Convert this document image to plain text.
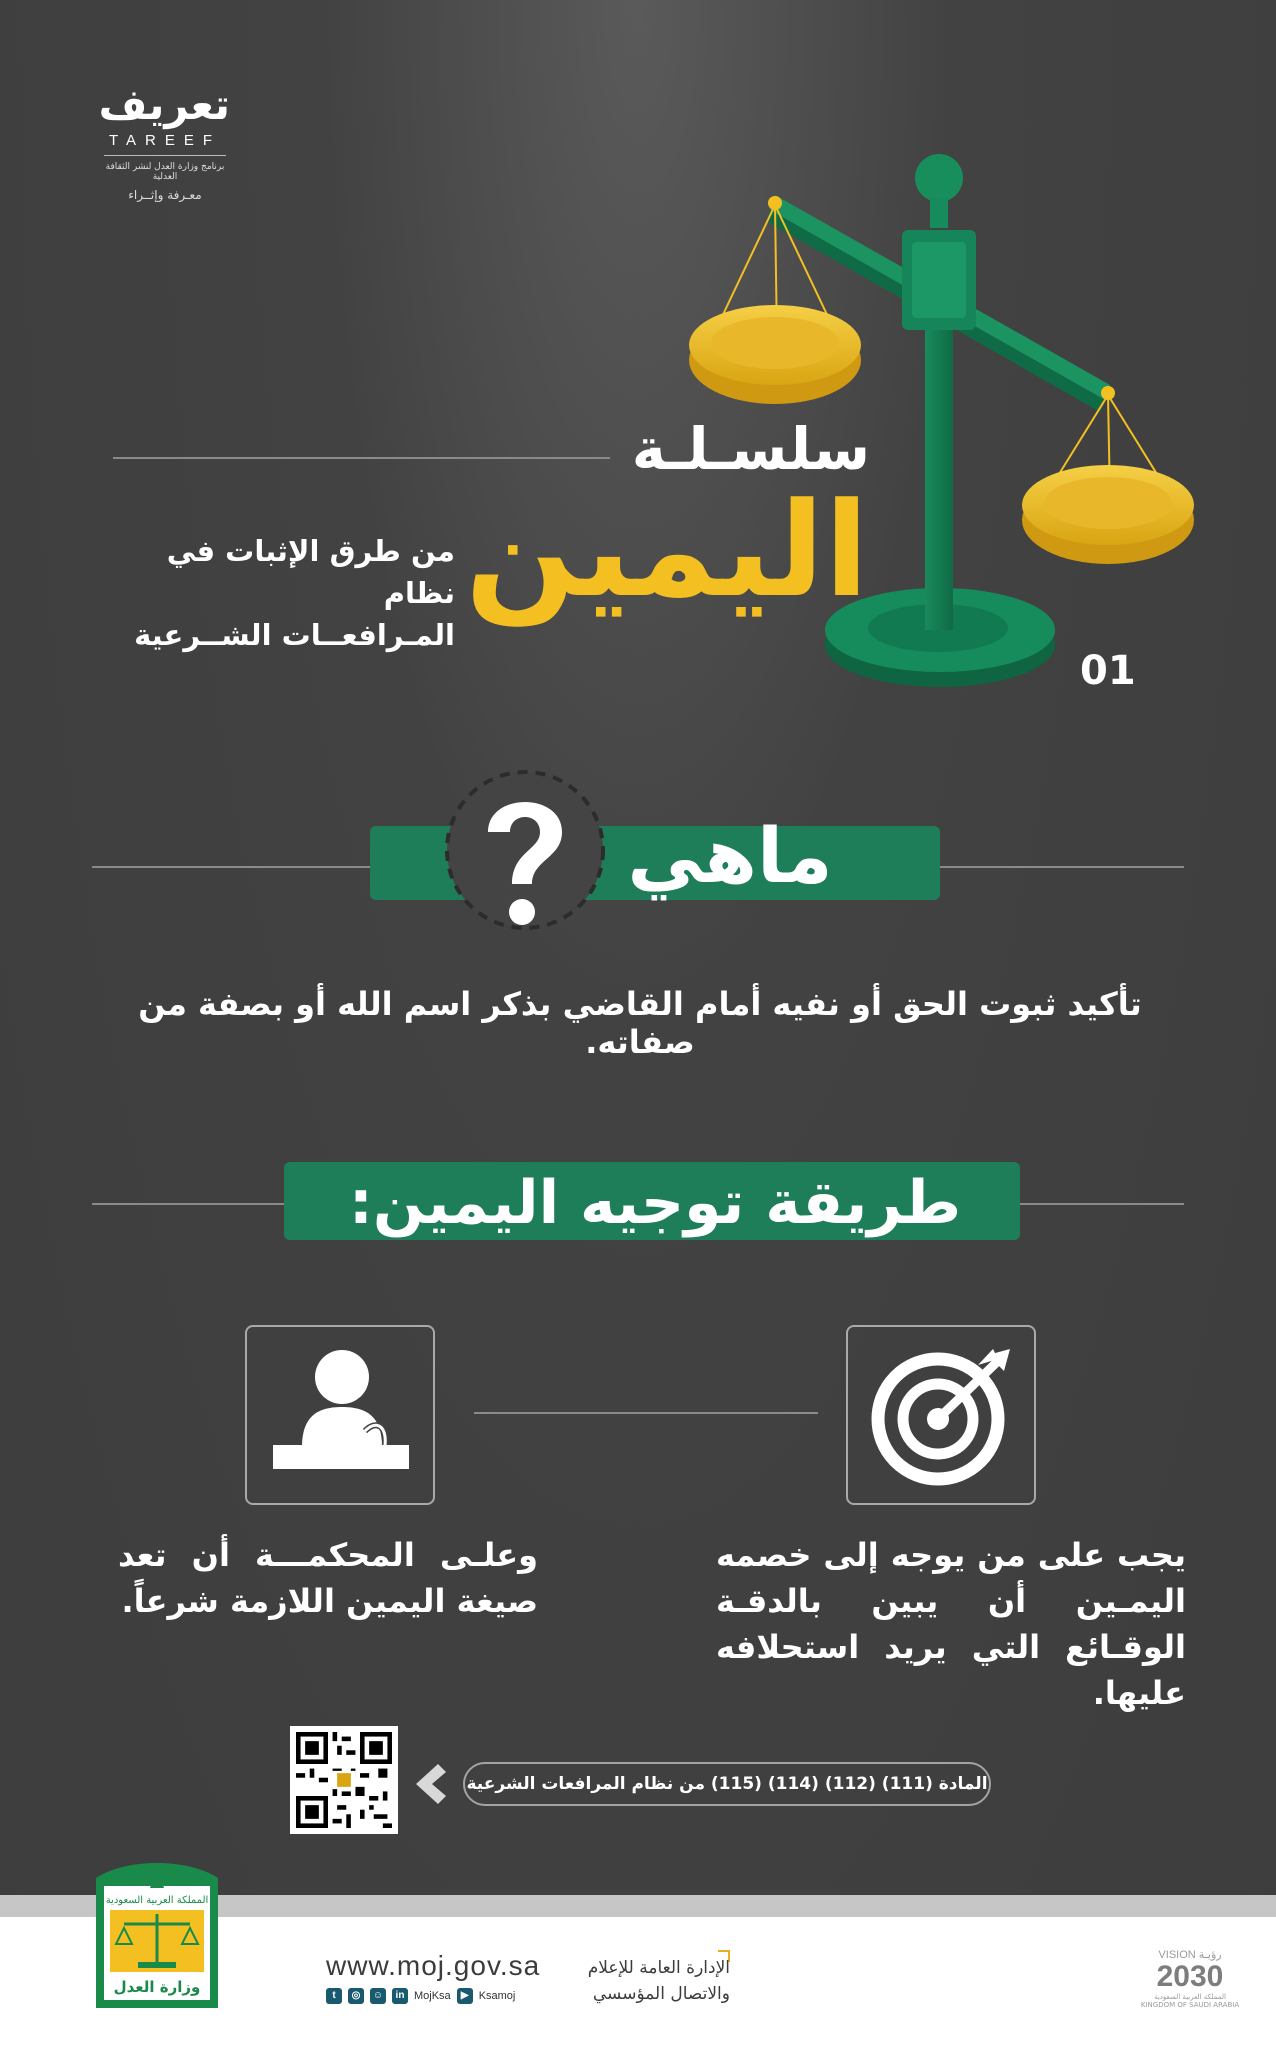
تعريف
TAREEF
برنامج وزارة العدل لنشر الثقافة العدلية
معـرفة وإثــراء
سلسـلـة
اليمين
من طرق الإثبات في نظام
المـرافعــات الشــرعية
01
ماهي
تأكيد ثبوت الحق أو نفيه أمام القاضي بذكر اسم الله أو بصفة من صفاته.
طريقة توجيه اليمين:
يجب على من يوجه إلى خصمه اليمـين أن يبين بالدقـة الوقـائع التي يريد استحلافه عليها.
وعلـى المحكمـــة أن تعد صيغة اليمين اللازمة شرعاً.
المادة (111) (112) (114) (115) من نظام المرافعات الشرعية
المملكة العربية السعودية
وزارة العدل
www.moj.gov.sa
t	◎	☺	in MojKsa	▶ Ksamoj
الإدارة العامة للإعلام
والاتصال المؤسسي
VISION رؤيـة
2030
المملكة العربية السعودية KINGDOM OF SAUDI ARABIA
